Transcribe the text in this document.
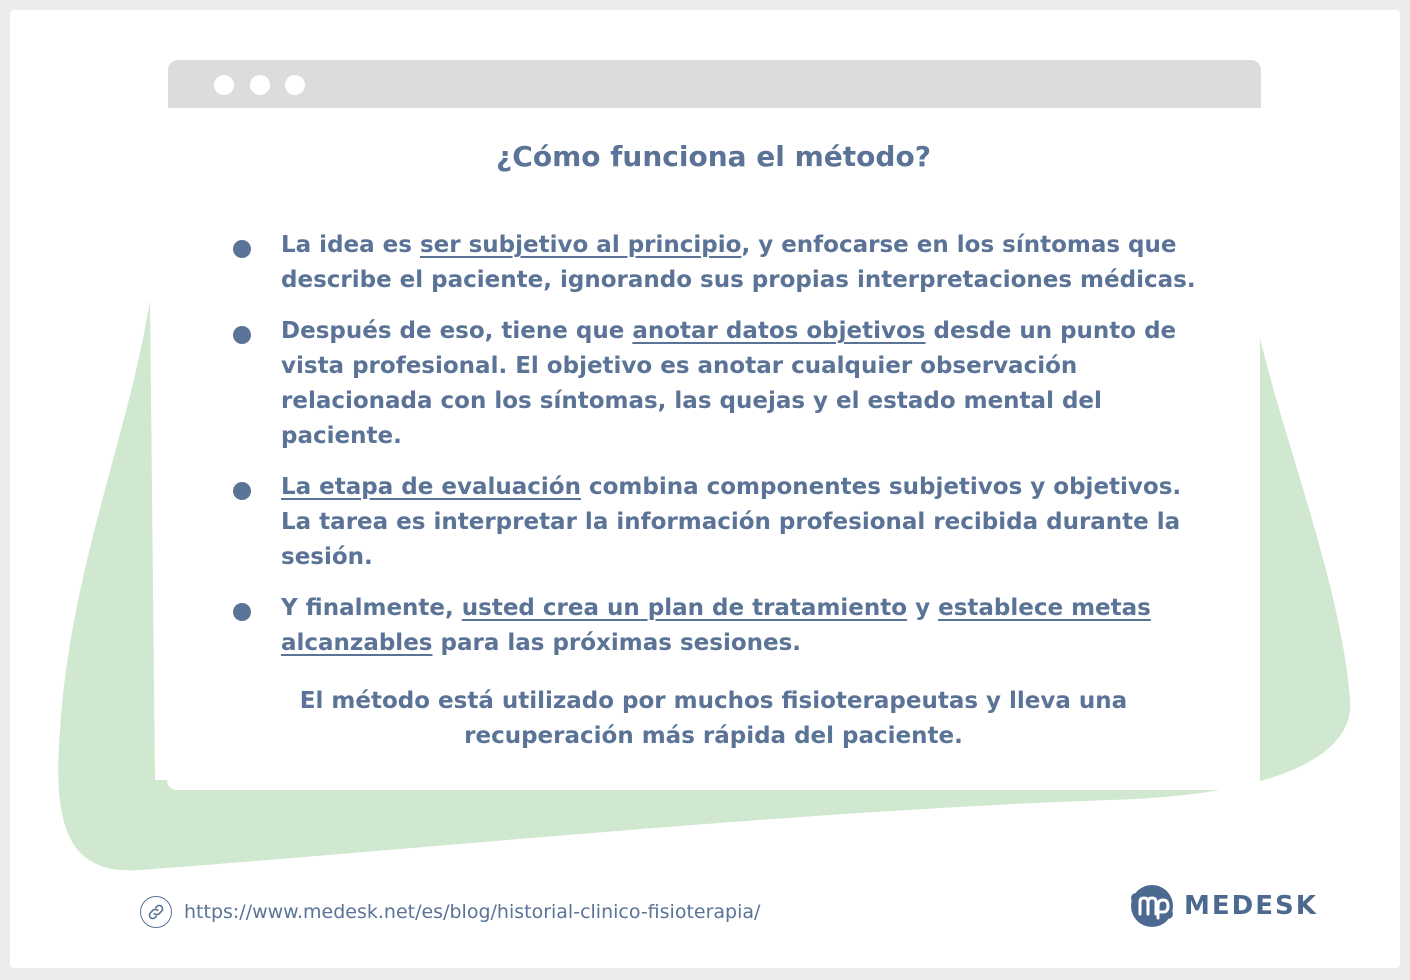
¿Cómo funciona el método?
La idea es ser subjetivo al principio, y enfocarse en los síntomas que describe el paciente, ignorando sus propias interpretaciones médicas.
Después de eso, tiene que anotar datos objetivos desde un punto de vista profesional. El objetivo es anotar cualquier observación relacionada con los síntomas, las quejas y el estado mental del paciente.
La etapa de evaluación combina componentes subjetivos y objetivos. La tarea es interpretar la información profesional recibida durante la sesión.
Y finalmente, usted crea un plan de tratamiento y establece metas alcanzables para las próximas sesiones.

El método está utilizado por muchos fisioterapeutas y lleva una recuperación más rápida del paciente.

https://www.medesk.net/es/blog/historial-clinico-fisioterapia/	MEDESK
